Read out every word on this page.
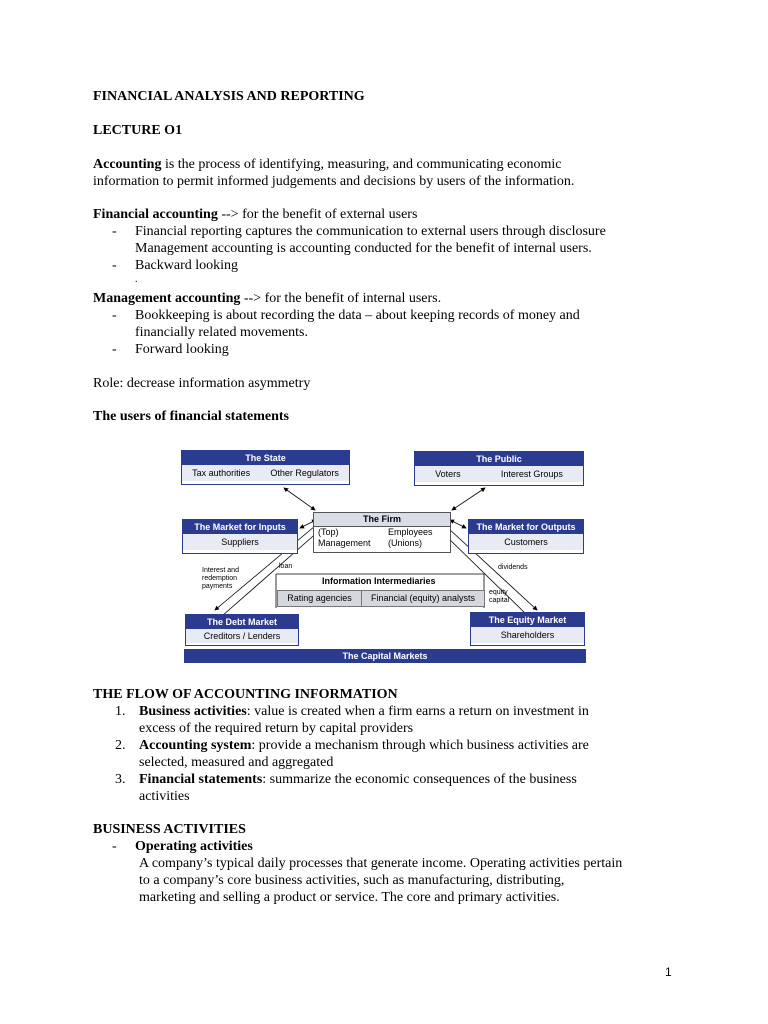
FINANCIAL ANALYSIS AND REPORTING
LECTURE O1
Accounting is the process of identifying, measuring, and communicating economic
information to permit informed judgements and decisions by users of the information.
Financial accounting --> for the benefit of external users
- Financial reporting captures the communication to external users through disclosure
Management accounting is accounting conducted for the benefit of internal users.
- Backward looking
.
Management accounting --> for the benefit of internal users.
- Bookkeeping is about recording the data – about keeping records of money and
financially related movements.
- Forward looking
Role: decrease information asymmetry
The users of financial statements
The State
Tax authorities Other Regulators
The Public
Voters	Interest Groups
The Firm
(Top)
Management
Employees
(Unions)
The Market for Inputs
Suppliers
The Market for Outputs
Customers
Interest and
redemption
payments
loan	dividends
equity
capital
Information Intermediaries
Rating agencies	Financial (equity) analysts
The Debt Market
Creditors / Lenders
The Equity Market
Shareholders
The Capital Markets
THE FLOW OF ACCOUNTING INFORMATION
1. Business activities: value is created when a firm earns a return on investment in
excess of the required return by capital providers
2. Accounting system: provide a mechanism through which business activities are
selected, measured and aggregated
3. Financial statements: summarize the economic consequences of the business
activities
BUSINESS ACTIVITIES
- Operating activities
A company’s typical daily processes that generate income. Operating activities pertain
to a company’s core business activities, such as manufacturing, distributing,
marketing and selling a product or service. The core and primary activities.
1
